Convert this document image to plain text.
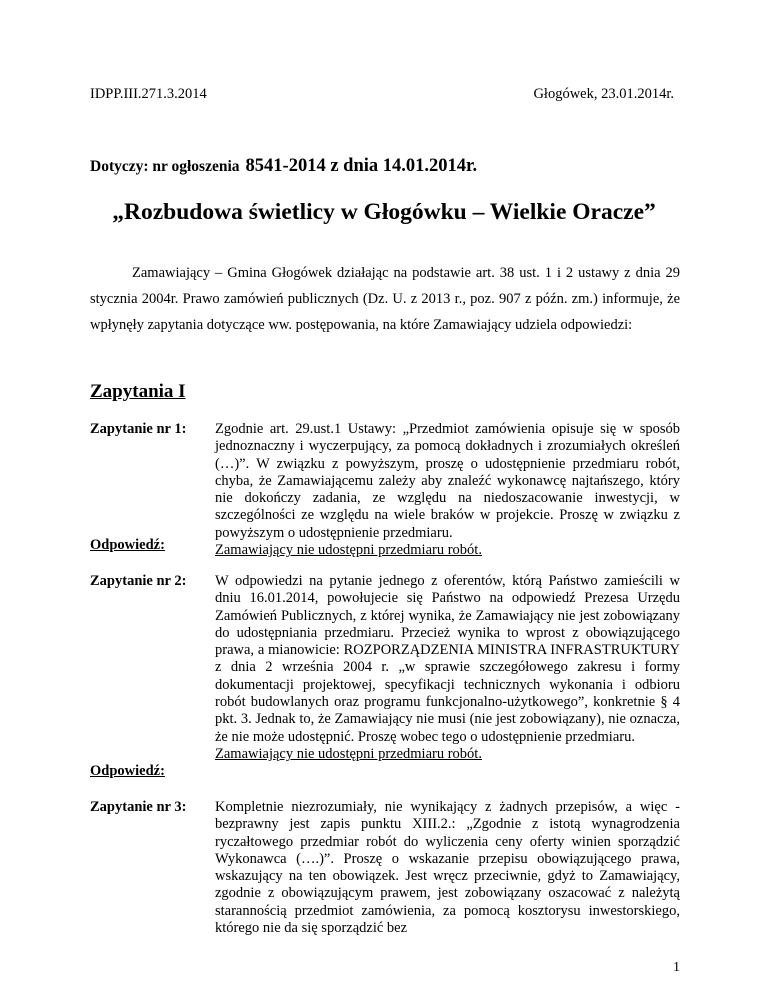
IDPP.III.271.3.2014	Głogówek, 23.01.2014r.
Dotyczy: nr ogłoszenia 8541-2014 z dnia 14.01.2014r.
„Rozbudowa świetlicy w Głogówku – Wielkie Oracze”

Zamawiający – Gmina Głogówek działając na podstawie art. 38 ust. 1 i 2 ustawy z dnia 29 stycznia 2004r. Prawo zamówień publicznych (Dz. U. z 2013 r., poz. 907 z późn. zm.) informuje, że wpłynęły zapytania dotyczące ww. postępowania, na które Zamawiający udziela odpowiedzi:

Zapytania I
Zapytanie nr 1: Zgodnie art. 29.ust.1 Ustawy: „Przedmiot zamówienia opisuje się w sposób jednoznaczny i wyczerpujący, za pomocą dokładnych i zrozumiałych określeń (…)”. W związku z powyższym, proszę o udostępnienie przedmiaru robót, chyba, że Zamawiającemu zależy aby znaleźć wykonawcę najtańszego, który nie dokończy zadania, ze względu na niedoszacowanie inwestycji, w szczególności ze względu na wiele braków w projekcie. Proszę w związku z powyższym o udostępnienie przedmiaru.
Zamawiający nie udostępni przedmiaru robót.
Odpowiedź:
Zapytanie nr 2: W odpowiedzi na pytanie jednego z oferentów, którą Państwo zamieścili w dniu 16.01.2014, powołujecie się Państwo na odpowiedź Prezesa Urzędu Zamówień Publicznych, z której wynika, że Zamawiający nie jest zobowiązany do udostępniania przedmiaru. Przecież wynika to wprost z obowiązującego prawa, a mianowicie: ROZPORZĄDZENIA MINISTRA INFRASTRUKTURY z dnia 2 września 2004 r. „w sprawie szczegółowego zakresu i formy dokumentacji projektowej, specyfikacji technicznych wykonania i odbioru robót budowlanych oraz programu funkcjonalno-użytkowego”, konkretnie § 4 pkt. 3. Jednak to, że Zamawiający nie musi (nie jest zobowiązany), nie oznacza, że nie może udostępnić. Proszę wobec tego o udostępnienie przedmiaru.
Zamawiający nie udostępni przedmiaru robót.
Odpowiedź:
Zapytanie nr 3: Kompletnie niezrozumiały, nie wynikający z żadnych przepisów, a więc - bezprawny jest zapis punktu XIII.2.: „Zgodnie z istotą wynagrodzenia ryczałtowego przedmiar robót do wyliczenia ceny oferty winien sporządzić Wykonawca (….)”. Proszę o wskazanie przepisu obowiązującego prawa, wskazujący na ten obowiązek. Jest wręcz przeciwnie, gdyż to Zamawiający, zgodnie z obowiązującym prawem, jest zobowiązany oszacować z należytą starannością przedmiot zamówienia, za pomocą kosztorysu inwestorskiego, którego nie da się sporządzić bez
1
